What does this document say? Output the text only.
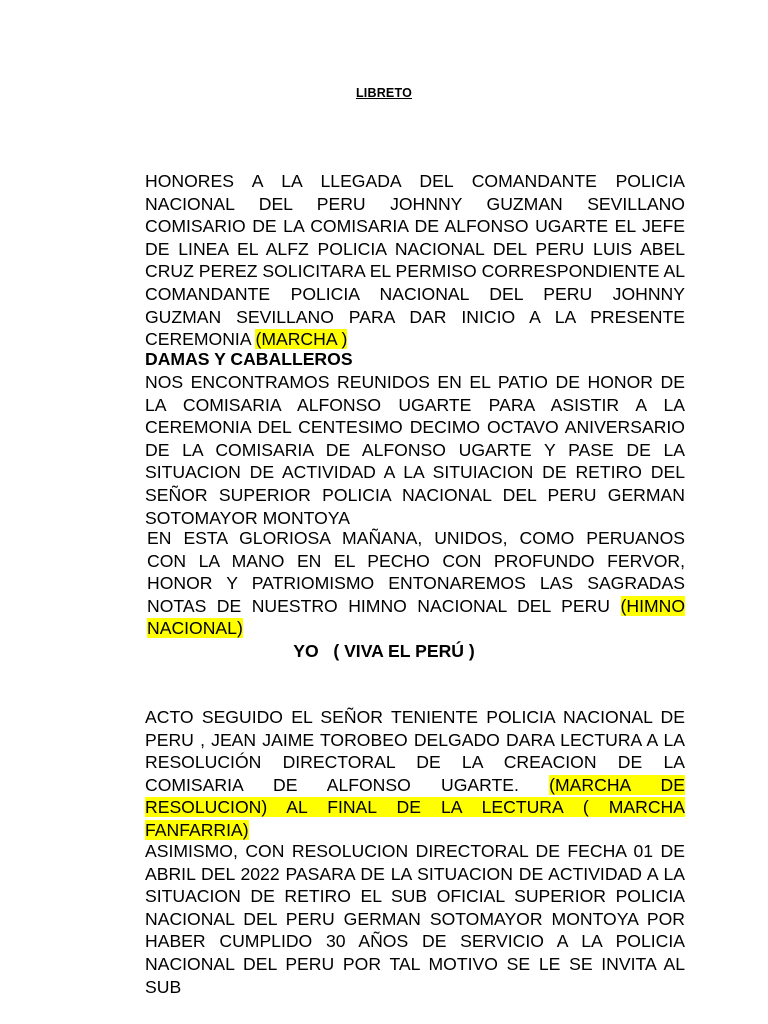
LIBRETO
HONORES A LA LLEGADA DEL COMANDANTE POLICIA NACIONAL DEL PERU JOHNNY GUZMAN SEVILLANO COMISARIO DE LA COMISARIA DE ALFONSO UGARTE EL JEFE DE LINEA EL ALFZ POLICIA NACIONAL DEL PERU LUIS ABEL CRUZ PEREZ SOLICITARA EL PERMISO CORRESPONDIENTE AL COMANDANTE POLICIA NACIONAL DEL PERU JOHNNY GUZMAN SEVILLANO PARA DAR INICIO A LA PRESENTE CEREMONIA (MARCHA )
DAMAS Y CABALLEROS
NOS ENCONTRAMOS REUNIDOS EN EL PATIO DE HONOR DE LA COMISARIA ALFONSO UGARTE PARA ASISTIR A LA CEREMONIA DEL CENTESIMO DECIMO OCTAVO ANIVERSARIO DE LA COMISARIA DE ALFONSO UGARTE Y PASE DE LA SITUACION DE ACTIVIDAD A LA SITUIACION DE RETIRO DEL SEÑOR SUPERIOR POLICIA NACIONAL DEL PERU GERMAN SOTOMAYOR MONTOYA
EN ESTA GLORIOSA MAÑANA, UNIDOS, COMO PERUANOS CON LA MANO EN EL PECHO CON PROFUNDO FERVOR, HONOR Y PATRIOMISMO ENTONAREMOS LAS SAGRADAS NOTAS DE NUESTRO HIMNO NACIONAL DEL PERU (HIMNO NACIONAL)
YO   ( VIVA EL PERÚ )
ACTO SEGUIDO EL SEÑOR TENIENTE POLICIA NACIONAL DE PERU , JEAN JAIME TOROBEO DELGADO DARA LECTURA A LA RESOLUCIÓN DIRECTORAL DE LA CREACION DE LA COMISARIA DE ALFONSO UGARTE. (MARCHA DE RESOLUCION) AL FINAL DE LA LECTURA ( MARCHA FANFARRIA)
ASIMISMO, CON RESOLUCION DIRECTORAL DE FECHA 01 DE ABRIL DEL 2022 PASARA DE LA SITUACION DE ACTIVIDAD A LA SITUACION DE RETIRO EL SUB OFICIAL SUPERIOR POLICIA NACIONAL DEL PERU GERMAN SOTOMAYOR MONTOYA POR HABER CUMPLIDO 30 AÑOS DE SERVICIO A LA POLICIA NACIONAL DEL PERU POR TAL MOTIVO SE LE SE INVITA AL SUB
